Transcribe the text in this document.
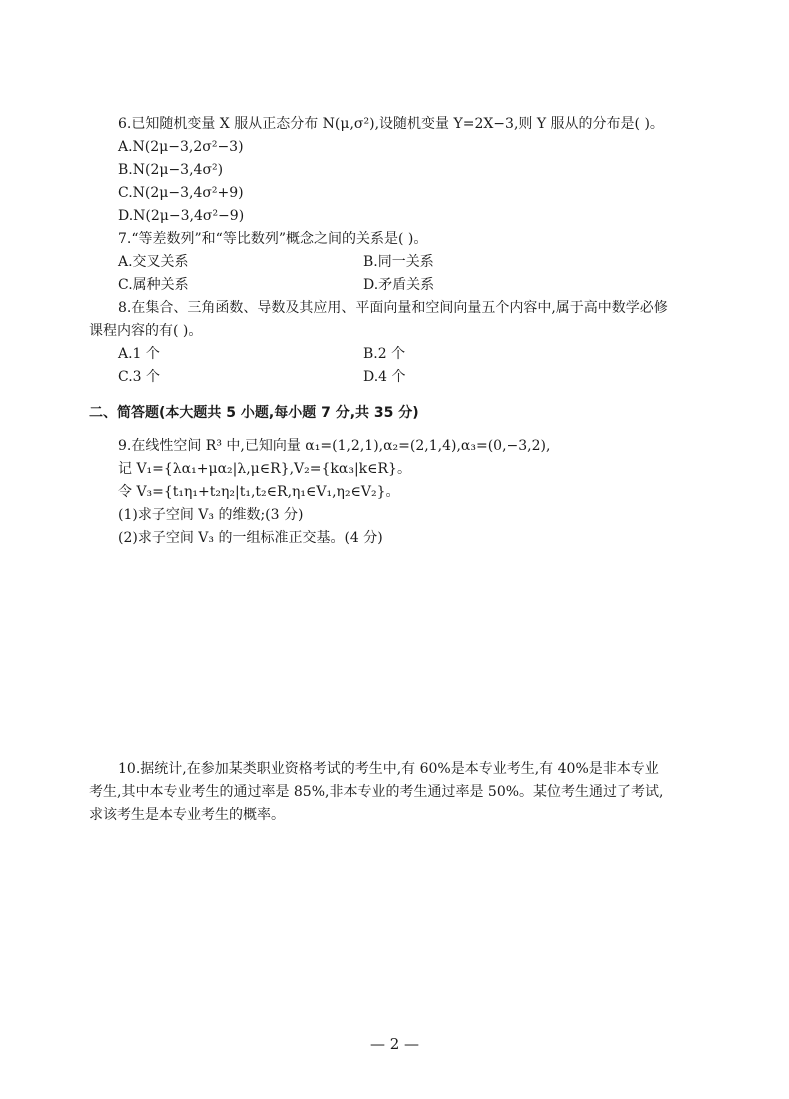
6.已知随机变量 X 服从正态分布 N(μ,σ²),设随机变量 Y=2X−3,则 Y 服从的分布是( )。
A.N(2μ−3,2σ²−3)
B.N(2μ−3,4σ²)
C.N(2μ−3,4σ²+9)
D.N(2μ−3,4σ²−9)
7.“等差数列”和“等比数列”概念之间的关系是( )。
A.交叉关系	B.同一关系
C.属种关系	D.矛盾关系
8.在集合、三角函数、导数及其应用、平面向量和空间向量五个内容中,属于高中数学必修
课程内容的有( )。
A.1 个	B.2 个
C.3 个	D.4 个
二、简答题(本大题共 5 小题,每小题 7 分,共 35 分)
9.在线性空间 R³ 中,已知向量 α₁=(1,2,1),α₂=(2,1,4),α₃=(0,−3,2),
记 V₁={λα₁+μα₂|λ,μ∈R},V₂={kα₃|k∈R}。
令 V₃={t₁η₁+t₂η₂|t₁,t₂∈R,η₁∈V₁,η₂∈V₂}。
(1)求子空间 V₃ 的维数;(3 分)
(2)求子空间 V₃ 的一组标准正交基。(4 分)
10.据统计,在参加某类职业资格考试的考生中,有 60%是本专业考生,有 40%是非本专业
考生,其中本专业考生的通过率是 85%,非本专业的考生通过率是 50%。某位考生通过了考试,
求该考生是本专业考生的概率。
— 2 —
